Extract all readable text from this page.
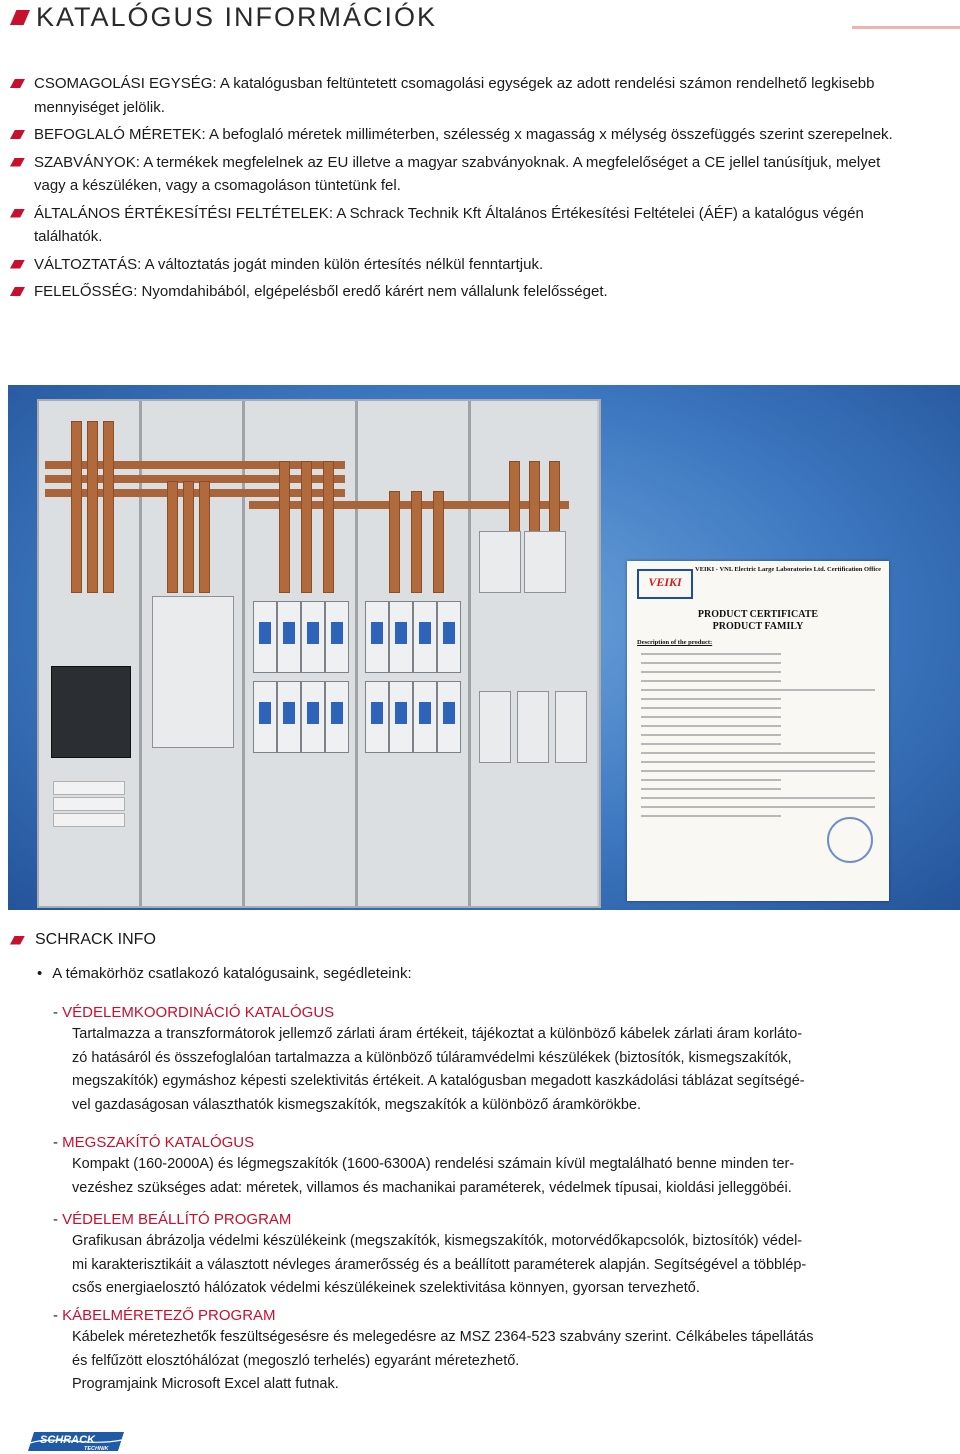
KATALÓGUS INFORMÁCIÓK
CSOMAGOLÁSI EGYSÉG: A katalógusban feltüntetett csomagolási egységek az adott rendelési számon rendelhető legkisebb mennyiséget jelölik.
BEFOGLALÓ MÉRETEK: A befoglaló méretek milliméterben, szélesség x magasság x mélység összefüggés szerint szerepelnek.
SZABVÁNYOK: A termékek megfelelnek az EU illetve a magyar szabványoknak. A megfelelőséget a CE jellel tanúsítjuk, melyet vagy a készüléken, vagy a csomagoláson tüntetünk fel.
ÁLTALÁNOS ÉRTÉKESÍTÉSI FELTÉTELEK: A Schrack Technik Kft Általános Értékesítési Feltételei (ÁÉF) a katalógus végén találhatók.
VÁLTOZTATÁS: A változtatás jogát minden külön értesítés nélkül fenntartjuk.
FELELŐSSÉG: Nyomdahibából, elgépelésből eredő kárért nem vállalunk felelősséget.
VEIKI
VEIKI - VNL Electric Large Laboratories Ltd. Certification Office
PRODUCT CERTIFICATE
PRODUCT FAMILY
Description of the product:
SCHRACK INFO
• A témakörhöz csatlakozó katalógusaink, segédleteink:
- VÉDELEMKOORDINÁCIÓ KATALÓGUS
Tartalmazza a transzformátorok jellemző zárlati áram értékeit, tájékoztat a különböző kábelek zárlati áram korláto-
zó hatásáról és összefoglalóan tartalmazza a különböző túláramvédelmi készülékek (biztosítók, kismegszakítók,
megszakítók) egymáshoz képesti szelektivitás értékeit. A katalógusban megadott kaszkádolási táblázat segítségé-
vel gazdaságosan választhatók kismegszakítók, megszakítók a különböző áramkörökbe.
- MEGSZAKÍTÓ KATALÓGUS
Kompakt (160-2000A) és légmegszakítók (1600-6300A) rendelési számain kívül megtalálható benne minden ter-
vezéshez szükséges adat: méretek, villamos és machanikai paraméterek, védelmek típusai, kioldási jelleggöbéi.
- VÉDELEM BEÁLLÍTÓ PROGRAM
Grafikusan ábrázolja védelmi készülékeink (megszakítók, kismegszakítók, motorvédőkapcsolók, biztosítók) védel-
mi karakterisztikáit a választott névleges áramerősség és a beállított paraméterek alapján. Segítségével a többlép-
csős energiaelosztó hálózatok védelmi készülékeinek szelektivitása könnyen, gyorsan tervezhető.
- KÁBELMÉRETEZŐ PROGRAM
Kábelek méretezhetők feszültségesésre és melegedésre az MSZ 2364-523 szabvány szerint. Célkábeles tápellátás
és felfűzött elosztóhálózat (megoszló terhelés) egyaránt méretezhető.
Programjaink Microsoft Excel alatt futnak.
SCHRACK
TECHNIK
